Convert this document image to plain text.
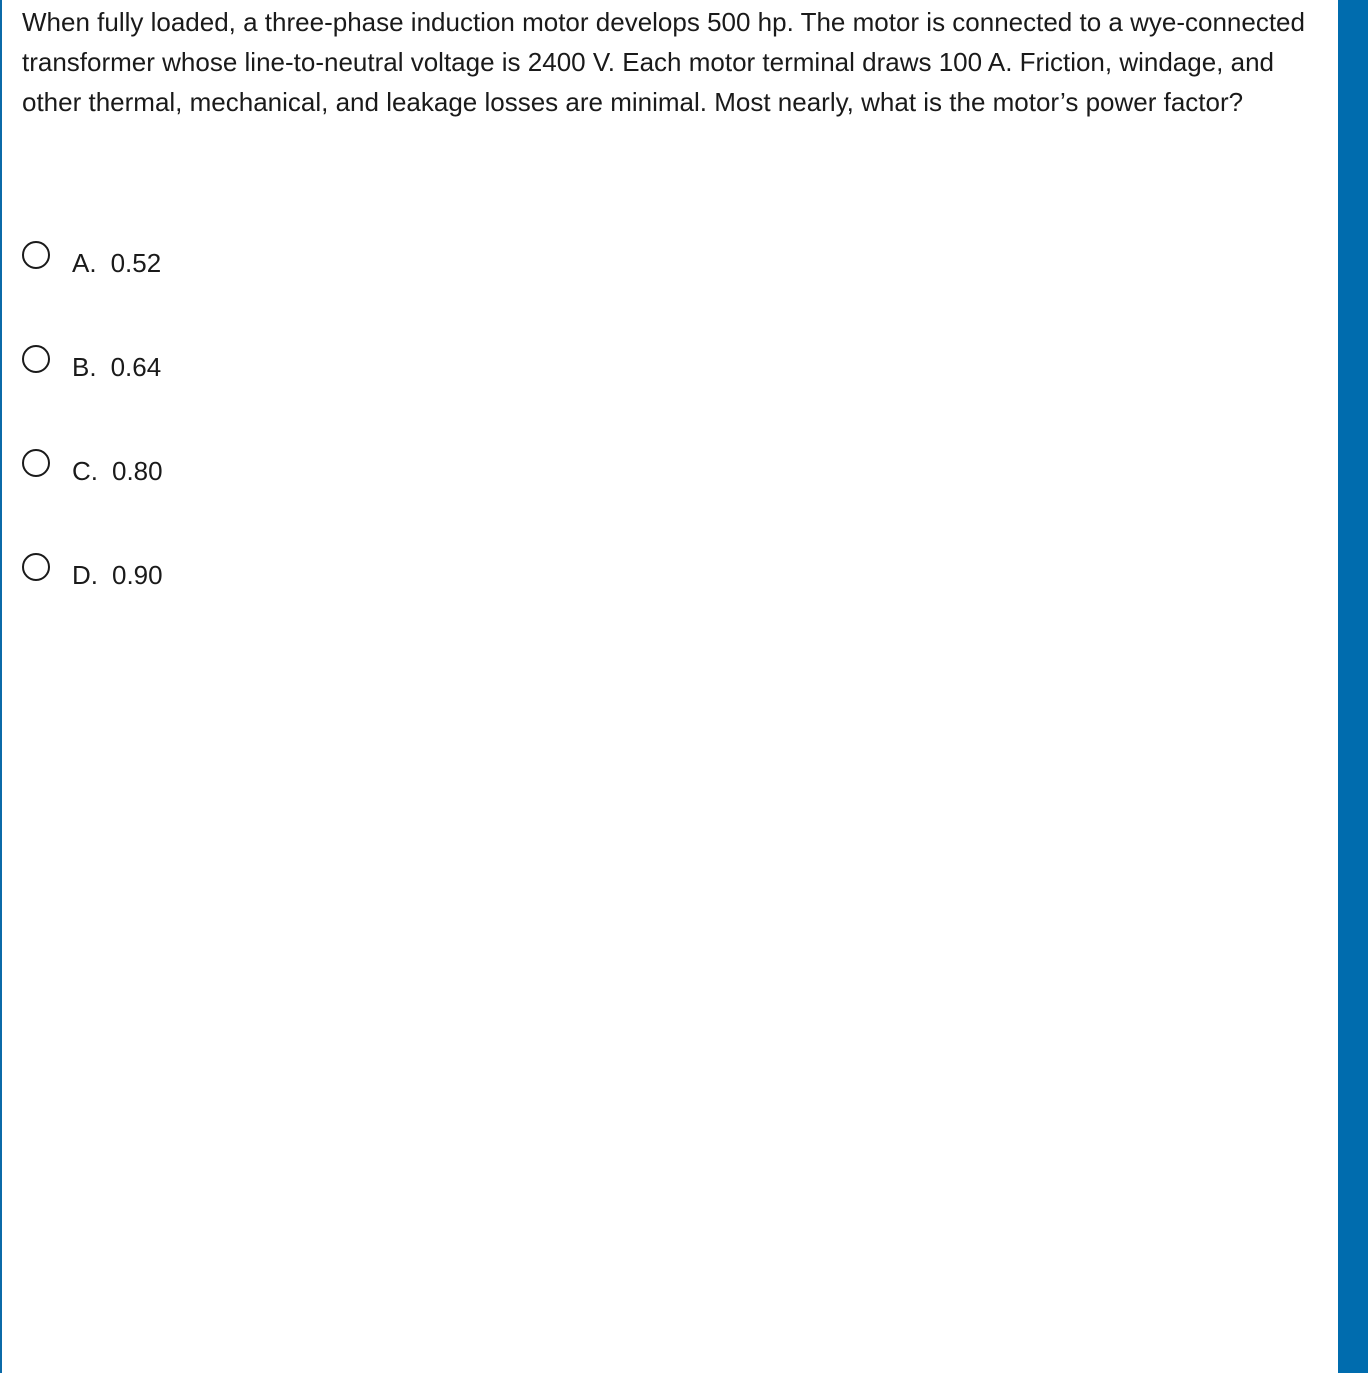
When fully loaded, a three-phase induction motor develops 500 hp. The motor is connected to a wye-connected transformer whose line-to-neutral voltage is 2400 V. Each motor terminal draws 100 A. Friction, windage, and other thermal, mechanical, and leakage losses are minimal. Most nearly, what is the motor’s power factor?

A. 0.52
B. 0.64
C. 0.80
D. 0.90
